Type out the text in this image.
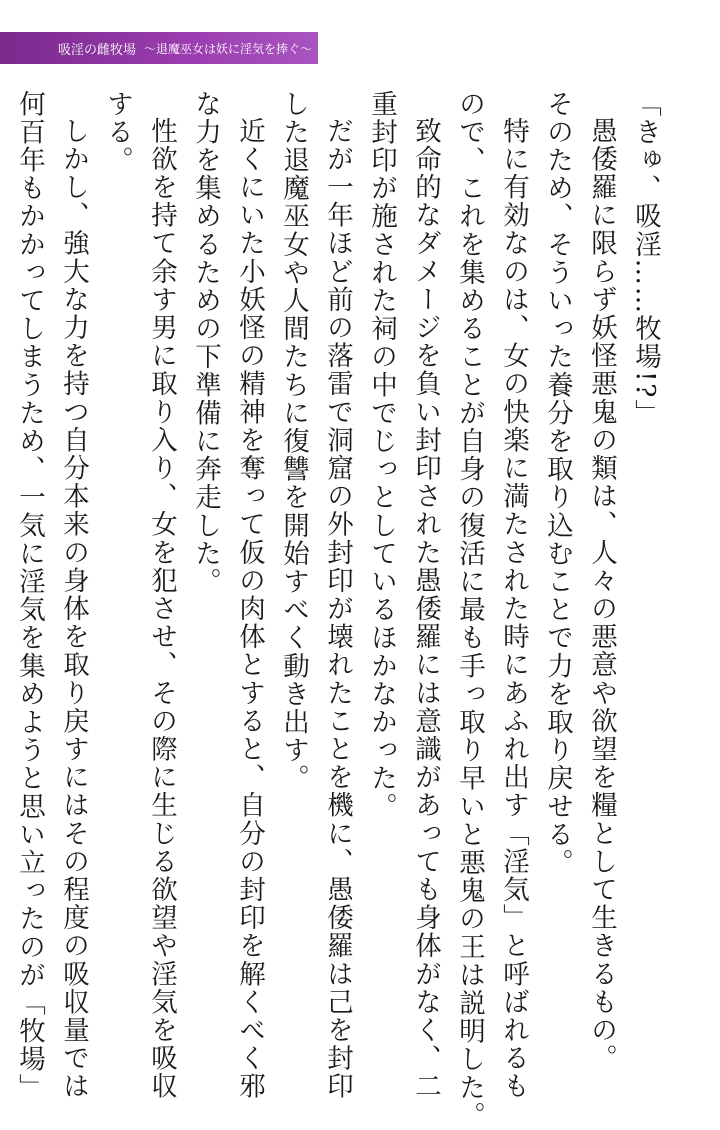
吸淫の雌牧場 ～退魔巫女は妖に淫気を捧ぐ～
「きゅ、吸淫……牧場!?」
愚倭羅に限らず妖怪悪鬼の類は、人々の悪意や欲望を糧として生きるもの。
そのため、そういった養分を取り込むことで力を取り戻せる。
特に有効なのは、女の快楽に満たされた時にあふれ出す「淫気」と呼ばれるも
ので、これを集めることが自身の復活に最も手っ取り早いと悪鬼の王は説明した。
致命的なダメージを負い封印された愚倭羅には意識があっても身体がなく、二
重封印が施された祠の中でじっとしているほかなかった。
だが一年ほど前の落雷で洞窟の外封印が壊れたことを機に、愚倭羅は己を封印
した退魔巫女や人間たちに復讐を開始すべく動き出す。
近くにいた小妖怪の精神を奪って仮の肉体とすると、自分の封印を解くべく邪
な力を集めるための下準備に奔走した。
性欲を持て余す男に取り入り、女を犯させ、その際に生じる欲望や淫気を吸収
する。
しかし、強大な力を持つ自分本来の身体を取り戻すにはその程度の吸収量では
何百年もかかってしまうため、一気に淫気を集めようと思い立ったのが「牧場」
